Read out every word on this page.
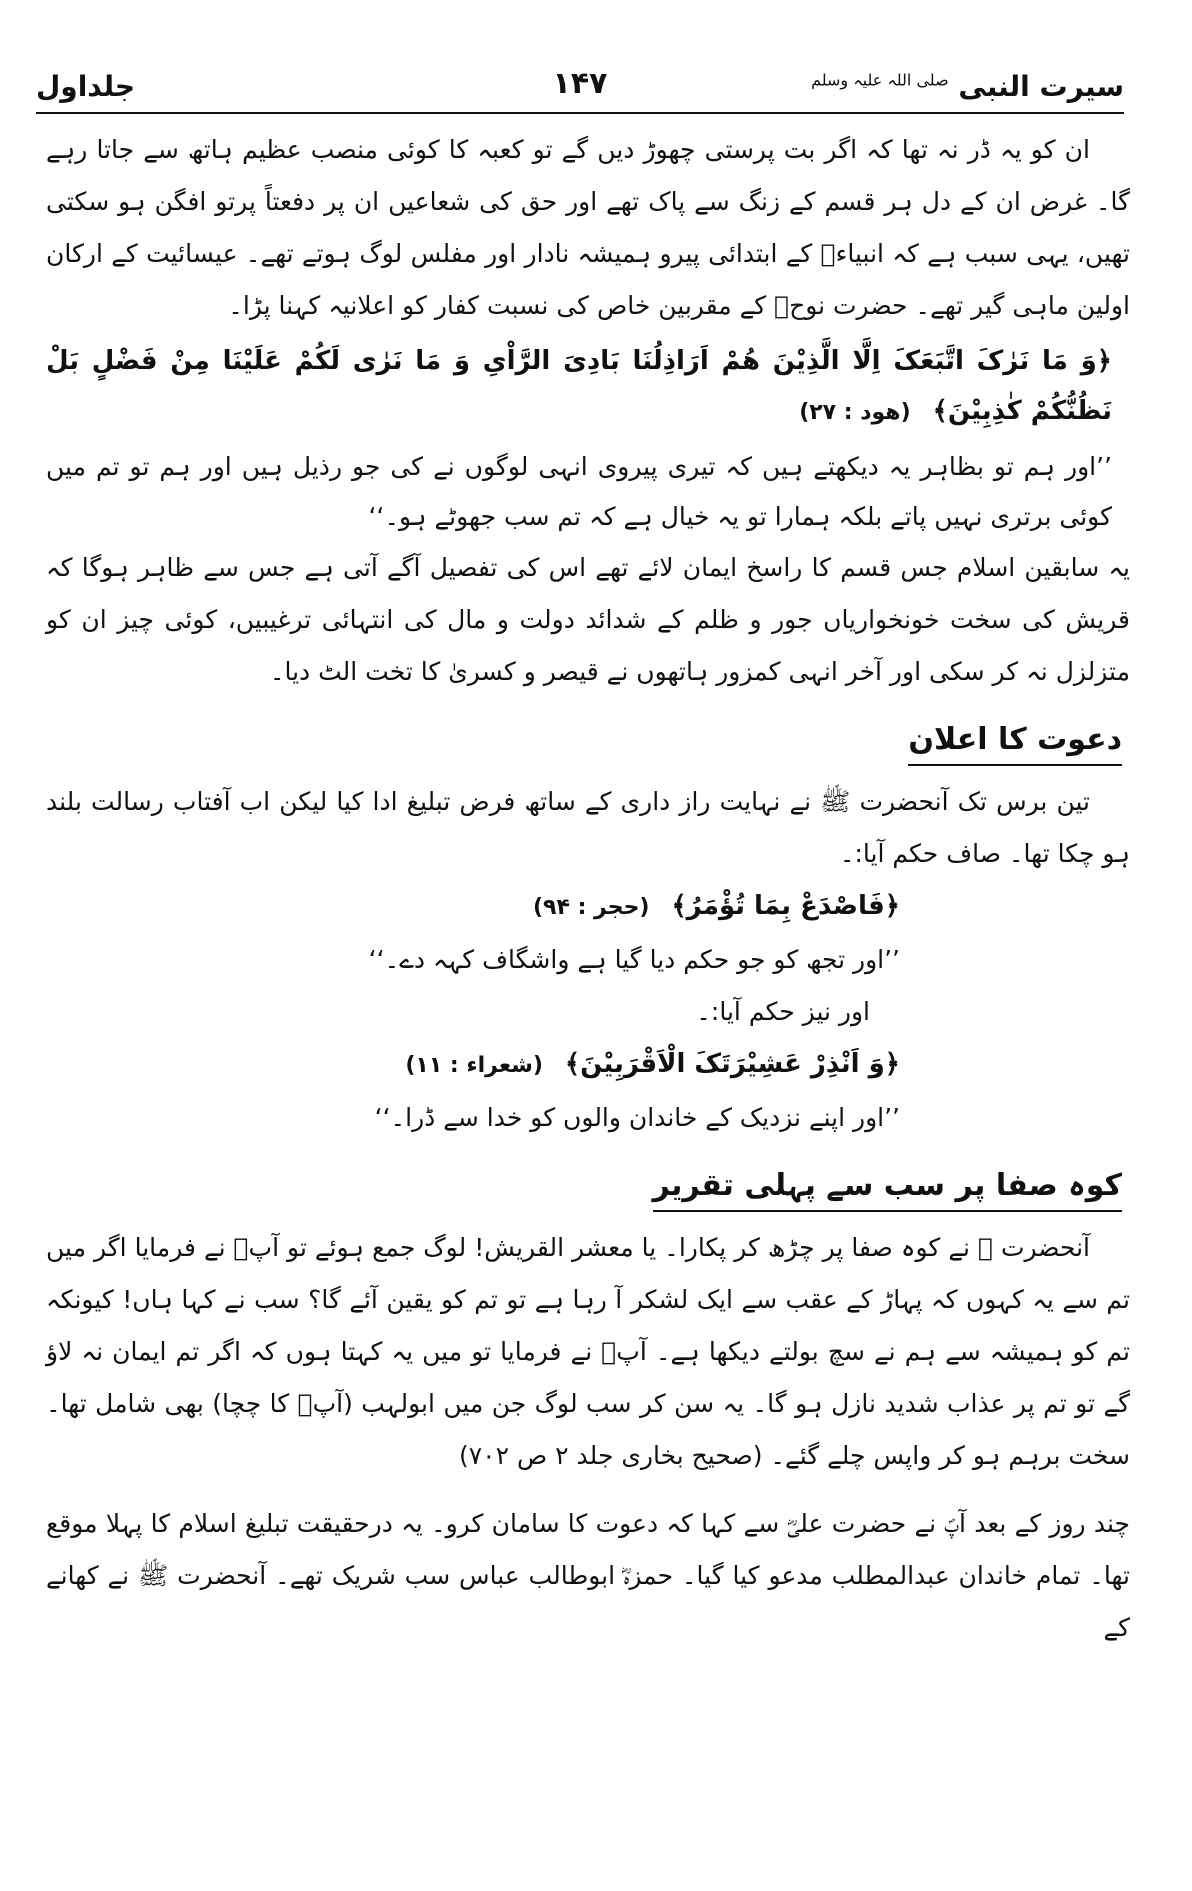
سیرت النبی $^{صلی اللہ علیہ وسلم}$
۱۴۷
جلداول

ان کو یہ ڈر نہ تھا کہ اگر بت پرستی چھوڑ دیں گے تو کعبہ کا کوئی منصب عظیم ہاتھ سے جاتا رہے گا۔ غرض ان کے دل ہر قسم کے زنگ سے پاک تھے اور حق کی شعاعیں ان پر دفعتاً پرتو افگن ہو سکتی تھیں، یہی سبب ہے کہ انبیاءؑ کے ابتدائی پیرو ہمیشہ نادار اور مفلس لوگ ہوتے تھے۔ عیسائیت کے ارکان اولین ماہی گیر تھے۔ حضرت نوحؑ کے مقربین خاص کی نسبت کفار کو اعلانیہ کہنا پڑا۔

﴿وَ مَا نَرٰکَ اتَّبَعَکَ اِلَّا الَّذِیْنَ هُمْ اَرَاذِلُنَا بَادِیَ الرَّاْیِ وَ مَا نَرٰی لَکُمْ عَلَیْنَا مِنْ فَضْلٍ بَلْ نَظُنُّکُمْ کٰذِبِیْنَ﴾ (هود : ۲۷)

’’اور ہم تو بظاہر یہ دیکھتے ہیں کہ تیری پیروی انہی لوگوں نے کی جو رذیل ہیں اور ہم تو تم میں کوئی برتری نہیں پاتے بلکہ ہمارا تو یہ خیال ہے کہ تم سب جھوٹے ہو۔‘‘

یہ سابقین اسلام جس قسم کا راسخ ایمان لائے تھے اس کی تفصیل آگے آتی ہے جس سے ظاہر ہوگا کہ قریش کی سخت خونخواریاں جور و ظلم کے شدائد دولت و مال کی انتہائی ترغیبیں، کوئی چیز ان کو متزلزل نہ کر سکی اور آخر انہی کمزور ہاتھوں نے قیصر و کسریٰ کا تخت الٹ دیا۔

دعوت کا اعلان

تین برس تک آنحضرت ﷺ نے نہایت راز داری کے ساتھ فرض تبلیغ ادا کیا لیکن اب آفتاب رسالت بلند ہو چکا تھا۔ صاف حکم آیا:۔

﴿فَاصْدَعْ بِمَا تُؤْمَرُ﴾ (حجر : ۹۴)

’’اور تجھ کو جو حکم دیا گیا ہے واشگاف کہہ دے۔‘‘

اور نیز حکم آیا:۔

﴿وَ اَنْذِرْ عَشِیْرَتَکَ الْاَقْرَبِیْنَ﴾ (شعراء : ۱۱)

’’اور اپنے نزدیک کے خاندان والوں کو خدا سے ڈرا۔‘‘

کوہ صفا پر سب سے پہلی تقریر

آنحضرت ﷺ نے کوہ صفا پر چڑھ کر پکارا۔ یا معشر القریش! لوگ جمع ہوئے تو آپؐ نے فرمایا اگر میں تم سے یہ کہوں کہ پہاڑ کے عقب سے ایک لشکر آ رہا ہے تو تم کو یقین آئے گا؟ سب نے کہا ہاں! کیونکہ تم کو ہمیشہ سے ہم نے سچ بولتے دیکھا ہے۔ آپؐ نے فرمایا تو میں یہ کہتا ہوں کہ اگر تم ایمان نہ لاؤ گے تو تم پر عذاب شدید نازل ہو گا۔ یہ سن کر سب لوگ جن میں ابولہب (آپؐ کا چچا) بھی شامل تھا۔ سخت برہم ہو کر واپس چلے گئے۔ (صحیح بخاری جلد ۲ ص ۷۰۲)

چند روز کے بعد آپؐ نے حضرت علیؓ سے کہا کہ دعوت کا سامان کرو۔ یہ درحقیقت تبلیغ اسلام کا پہلا موقع تھا۔ تمام خاندان عبدالمطلب مدعو کیا گیا۔ حمزہؓ ابوطالب عباس سب شریک تھے۔ آنحضرت ﷺ نے کھانے کے
